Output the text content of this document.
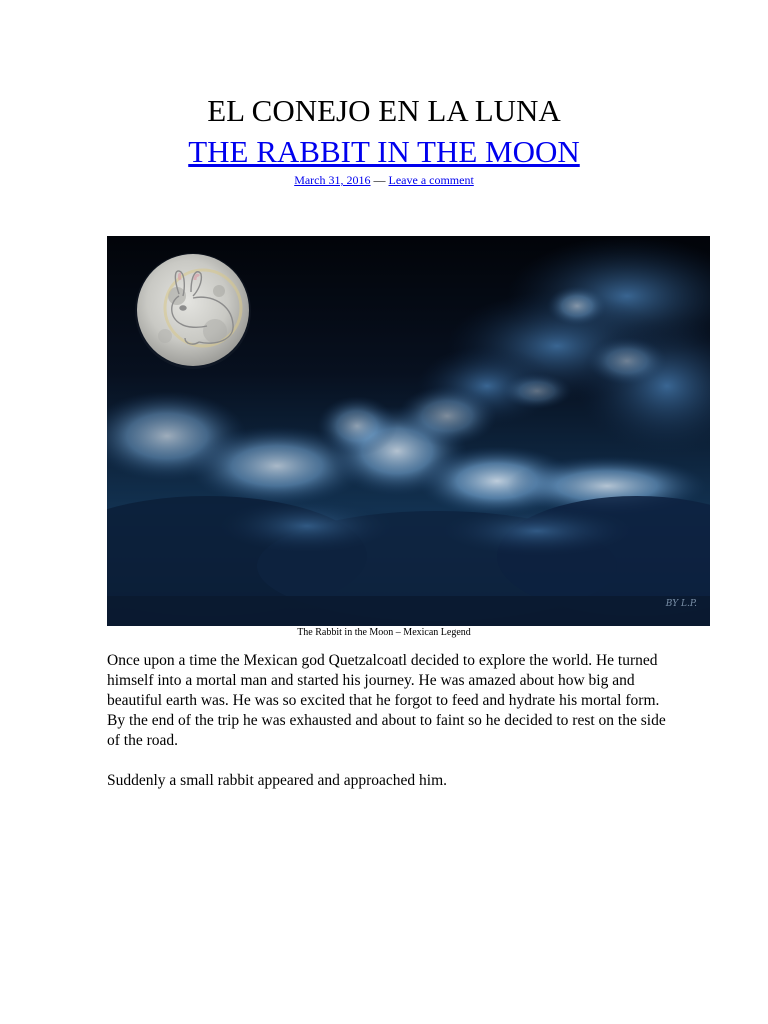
EL CONEJO EN LA LUNA
THE RABBIT IN THE MOON
March 31, 2016 — Leave a comment
BY L.P.
The Rabbit in the Moon – Mexican Legend

Once upon a time the Mexican god Quetzalcoatl decided to explore the world. He turned himself into a mortal man and started his journey. He was amazed about how big and beautiful earth was. He was so excited that he forgot to feed and hydrate his mortal form. By the end of the trip he was exhausted and about to faint so he decided to rest on the side of the road.

Suddenly a small rabbit appeared and approached him.
